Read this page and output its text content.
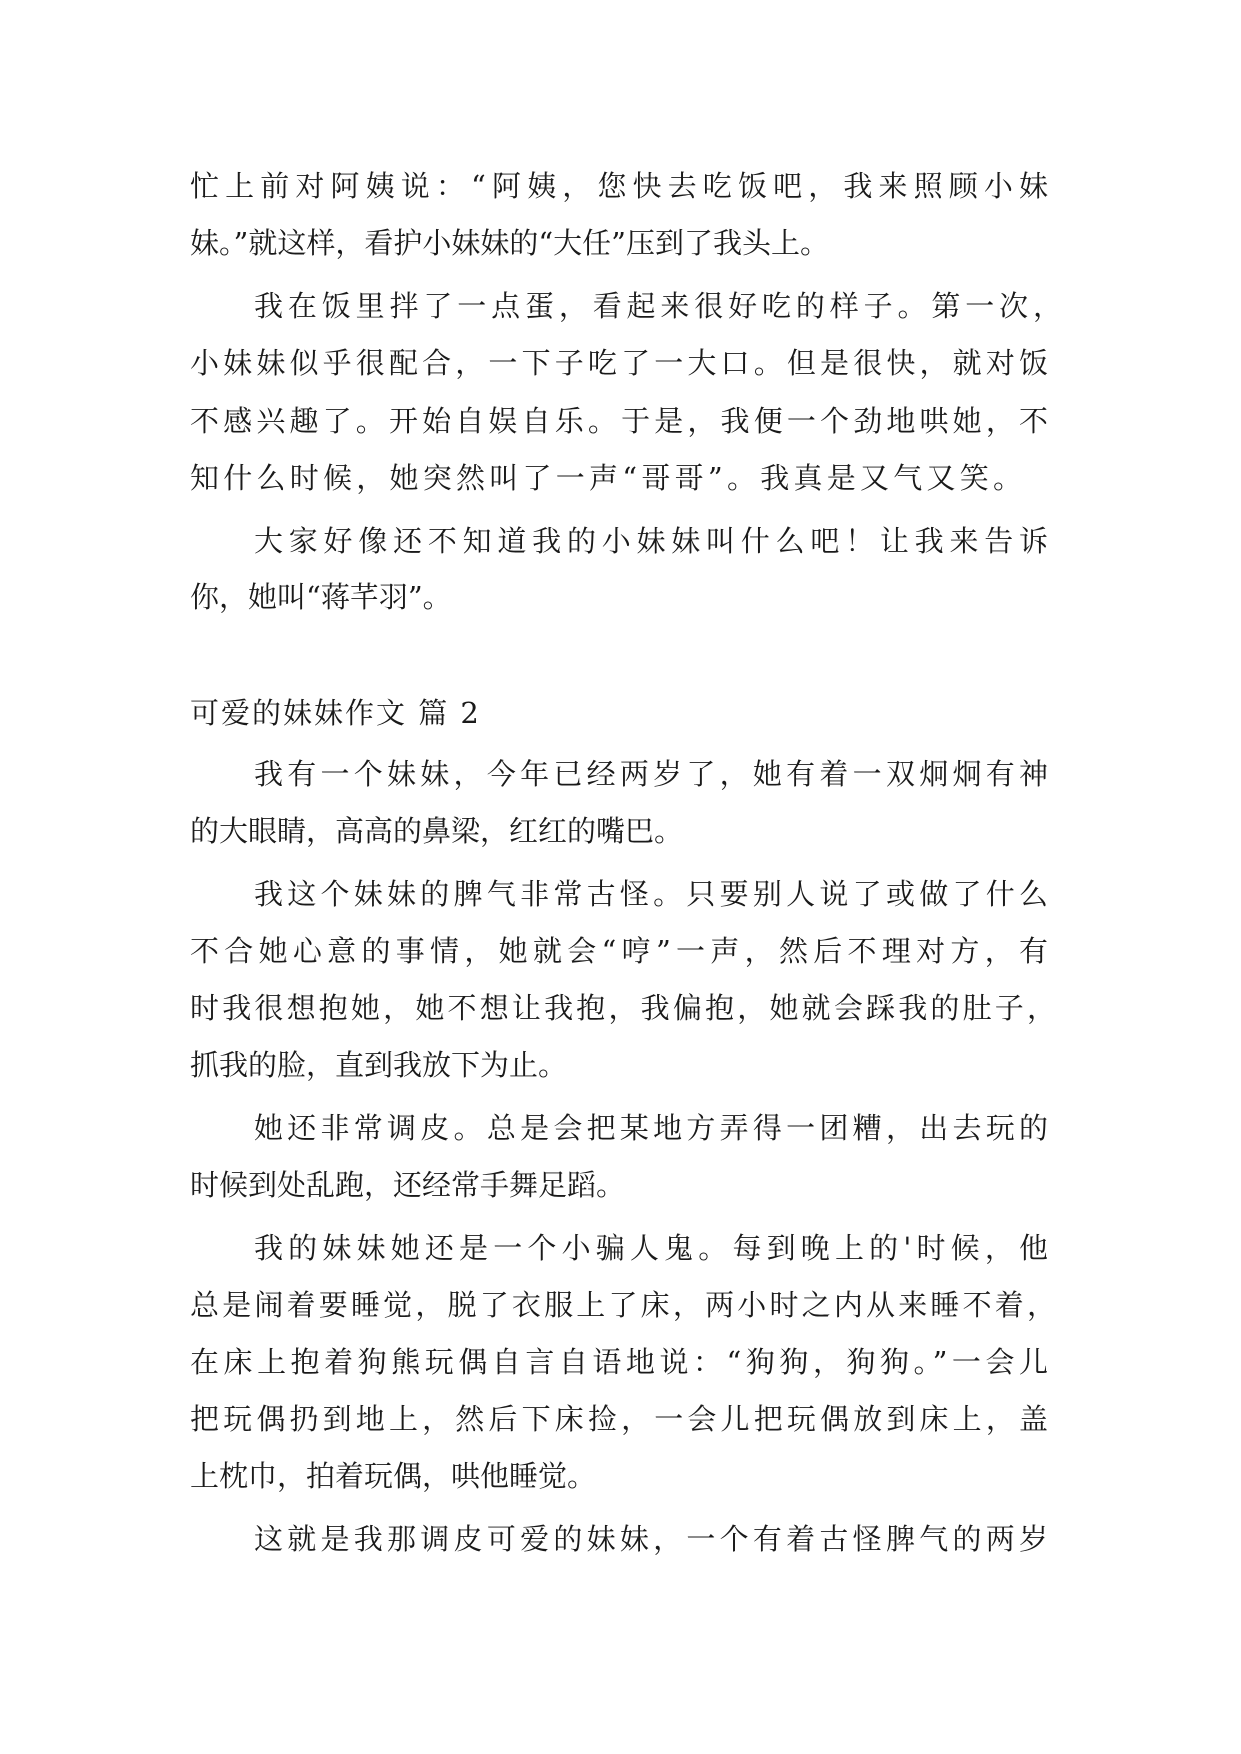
忙上前对阿姨说：“阿姨，您快去吃饭吧，我来照顾小妹
妹。”就这样，看护小妹妹的“大任”压到了我头上。
我在饭里拌了一点蛋，看起来很好吃的样子。第一次，
小妹妹似乎很配合，一下子吃了一大口。但是很快，就对饭
不感兴趣了。开始自娱自乐。于是，我便一个劲地哄她，不
知什么时候，她突然叫了一声“哥哥”。我真是又气又笑。
大家好像还不知道我的小妹妹叫什么吧！让我来告诉
你，她叫“蒋芊羽”。
可爱的妹妹作文 篇 2
我有一个妹妹，今年已经两岁了，她有着一双炯炯有神
的大眼睛，高高的鼻梁，红红的嘴巴。
我这个妹妹的脾气非常古怪。只要别人说了或做了什么
不合她心意的事情，她就会“哼”一声，然后不理对方，有
时我很想抱她，她不想让我抱，我偏抱，她就会踩我的肚子，
抓我的脸，直到我放下为止。
她还非常调皮。总是会把某地方弄得一团糟，出去玩的
时候到处乱跑，还经常手舞足蹈。
我的妹妹她还是一个小骗人鬼。每到晚上的'时候，他
总是闹着要睡觉，脱了衣服上了床，两小时之内从来睡不着，
在床上抱着狗熊玩偶自言自语地说：“狗狗，狗狗。”一会儿
把玩偶扔到地上，然后下床捡，一会儿把玩偶放到床上，盖
上枕巾，拍着玩偶，哄他睡觉。
这就是我那调皮可爱的妹妹，一个有着古怪脾气的两岁
